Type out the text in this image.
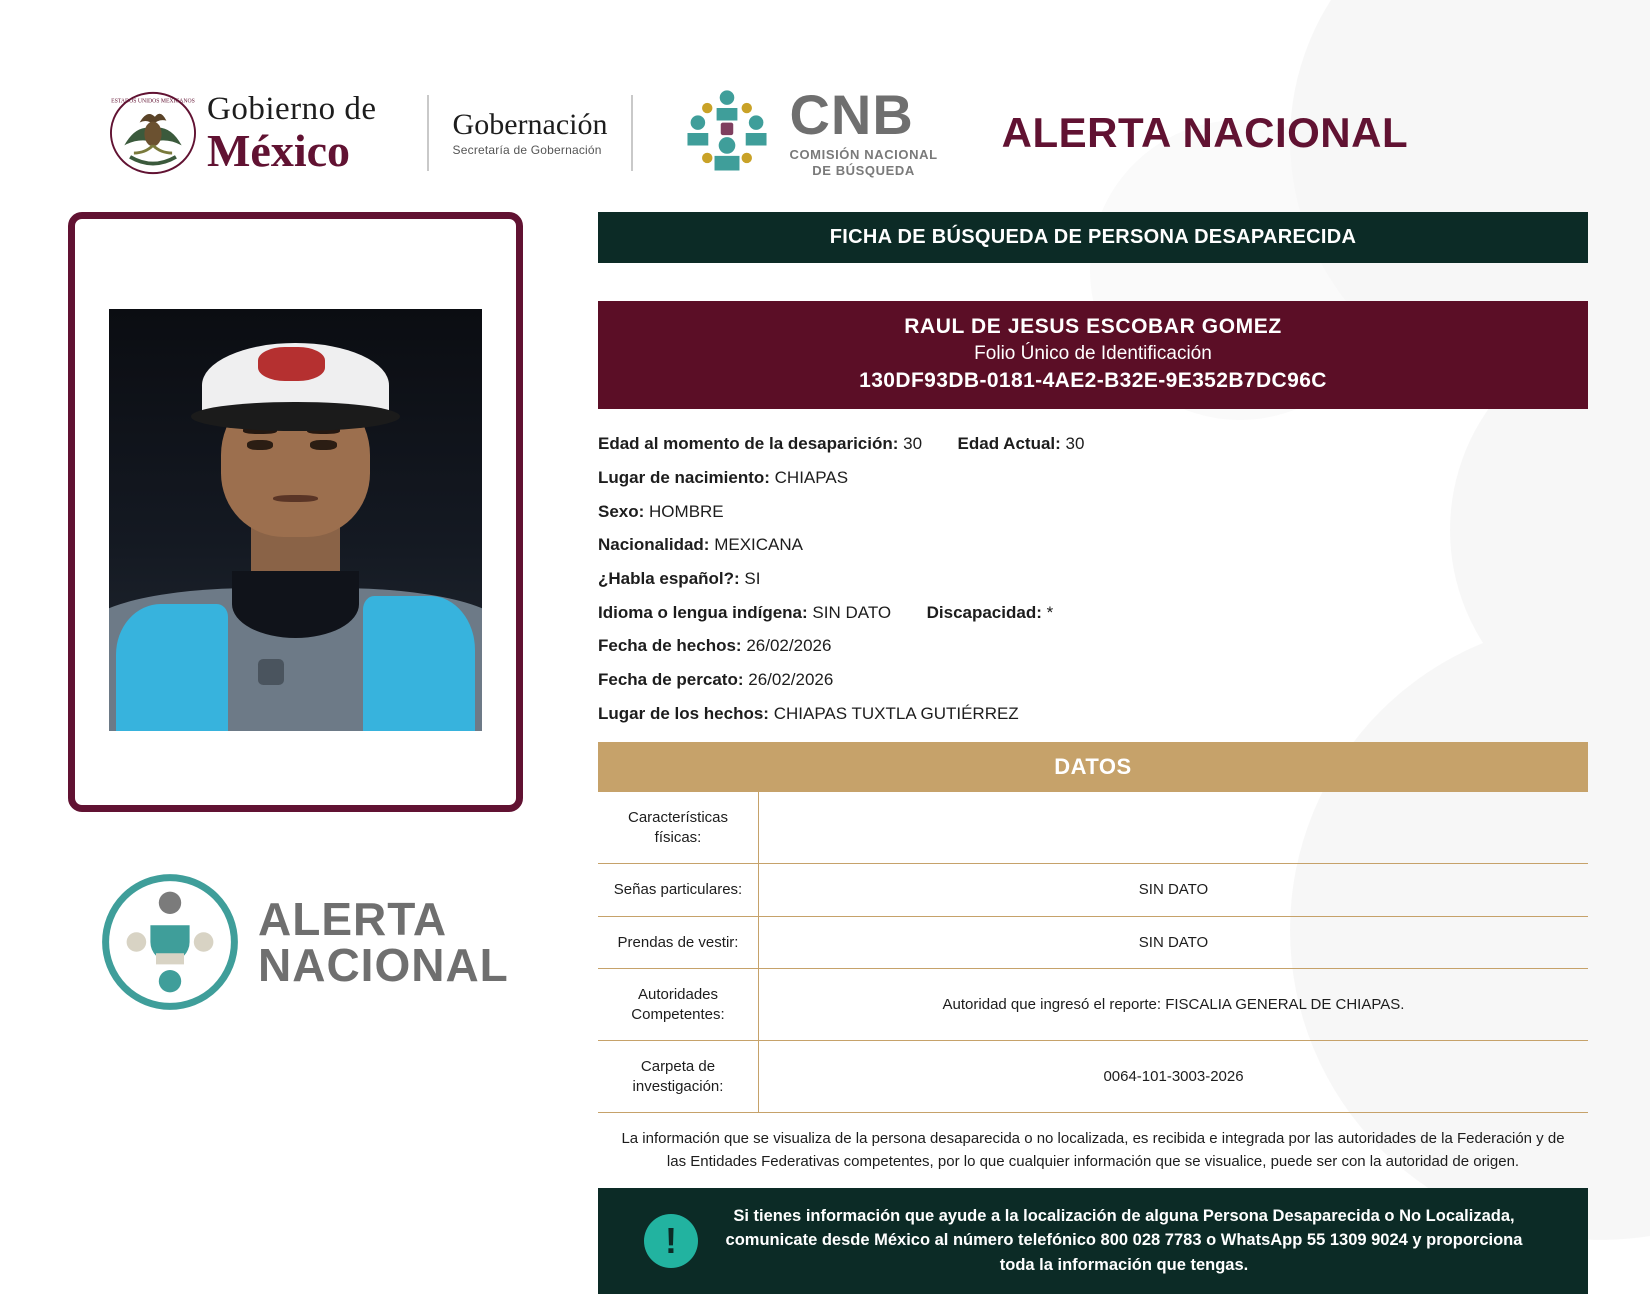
ESTADOS UNIDOS MEXICANOS Gobierno de
México	Gobernación
Secretaría de Gobernación
CNB
COMISIÓN NACIONAL
DE BÚSQUEDA
ALERTA NACIONAL
ALERTA
NACIONAL
FICHA DE BÚSQUEDA DE PERSONA DESAPARECIDA
RAUL DE JESUS ESCOBAR GOMEZ
Folio Único de Identificación
130DF93DB-0181-4AE2-B32E-9E352B7DC96C
Edad al momento de la desaparición: 30 Edad Actual: 30
Lugar de nacimiento: CHIAPAS
Sexo: HOMBRE
Nacionalidad: MEXICANA
¿Habla español?: SI
Idioma o lengua indígena: SIN DATO Discapacidad: *
Fecha de hechos: 26/02/2026
Fecha de percato: 26/02/2026
Lugar de los hechos: CHIAPAS TUXTLA GUTIÉRREZ
DATOS
Características físicas:	
Señas particulares:	SIN DATO
Prendas de vestir:	SIN DATO
Autoridades Competentes:	Autoridad que ingresó el reporte: FISCALIA GENERAL DE CHIAPAS.
Carpeta de investigación:	0064-101-3003-2026
La información que se visualiza de la persona desaparecida o no localizada, es recibida e integrada por las autoridades de la Federación y de las Entidades Federativas competentes, por lo que cualquier información que se visualice, puede ser con la autoridad de origen.
!
Si tienes información que ayude a la localización de alguna Persona Desaparecida o No Localizada, comunicate desde México al número telefónico 800 028 7783 o WhatsApp 55 1309 9024 y proporciona toda la información que tengas.
